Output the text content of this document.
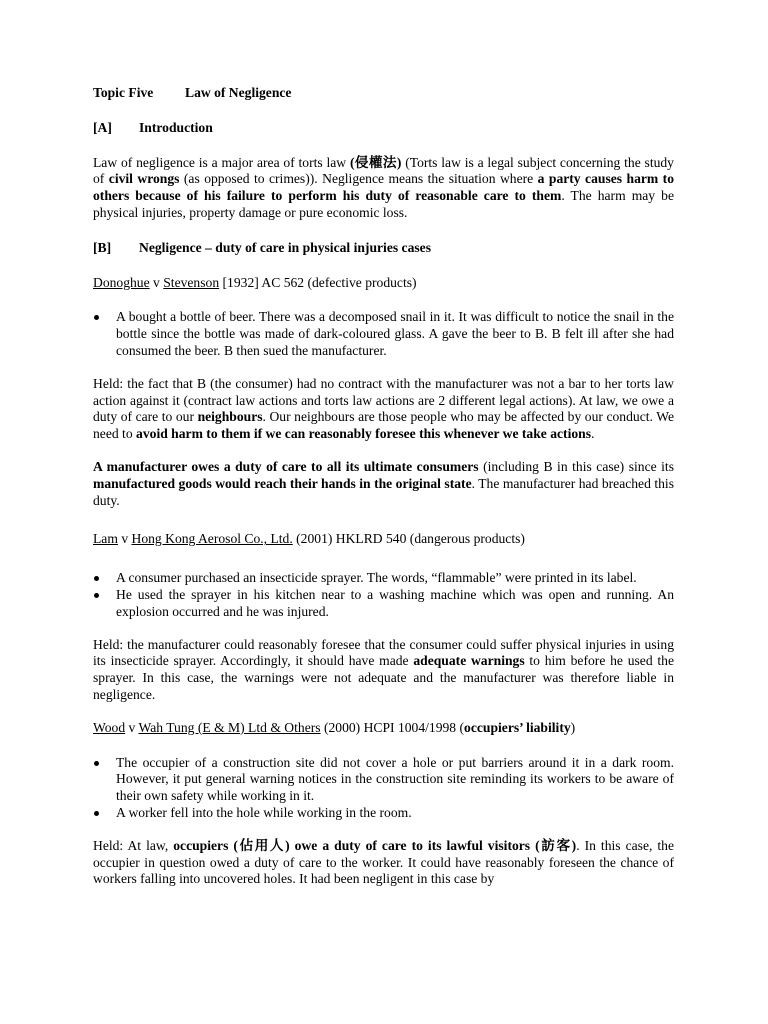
Topic Five Law of Negligence

[A] Introduction

Law of negligence is a major area of torts law (侵權法) (Torts law is a legal subject concerning the study of civil wrongs (as opposed to crimes)). Negligence means the situation where a party causes harm to others because of his failure to perform his duty of reasonable care to them. The harm may be physical injuries, property damage or pure economic loss.

[B] Negligence – duty of care in physical injuries cases

Donoghue v Stevenson [1932] AC 562 (defective products)

A bought a bottle of beer. There was a decomposed snail in it. It was difficult to notice the snail in the bottle since the bottle was made of dark-coloured glass. A gave the beer to B. B felt ill after she had consumed the beer. B then sued the manufacturer.

Held: the fact that B (the consumer) had no contract with the manufacturer was not a bar to her torts law action against it (contract law actions and torts law actions are 2 different legal actions). At law, we owe a duty of care to our neighbours. Our neighbours are those people who may be affected by our conduct. We need to avoid harm to them if we can reasonably foresee this whenever we take actions.

A manufacturer owes a duty of care to all its ultimate consumers (including B in this case) since its manufactured goods would reach their hands in the original state. The manufacturer had breached this duty.

Lam v Hong Kong Aerosol Co., Ltd. (2001) HKLRD 540 (dangerous products)

A consumer purchased an insecticide sprayer. The words, “flammable” were printed in its label.
He used the sprayer in his kitchen near to a washing machine which was open and running. An explosion occurred and he was injured.

Held: the manufacturer could reasonably foresee that the consumer could suffer physical injuries in using its insecticide sprayer. Accordingly, it should have made adequate warnings to him before he used the sprayer. In this case, the warnings were not adequate and the manufacturer was therefore liable in negligence.

Wood v Wah Tung (E & M) Ltd & Others (2000) HCPI 1004/1998 (occupiers’ liability)

The occupier of a construction site did not cover a hole or put barriers around it in a dark room. However, it put general warning notices in the construction site reminding its workers to be aware of their own safety while working in it.
A worker fell into the hole while working in the room.

Held: At law, occupiers (佔用人) owe a duty of care to its lawful visitors (訪客). In this case, the occupier in question owed a duty of care to the worker. It could have reasonably foreseen the chance of workers falling into uncovered holes. It had been negligent in this case by
